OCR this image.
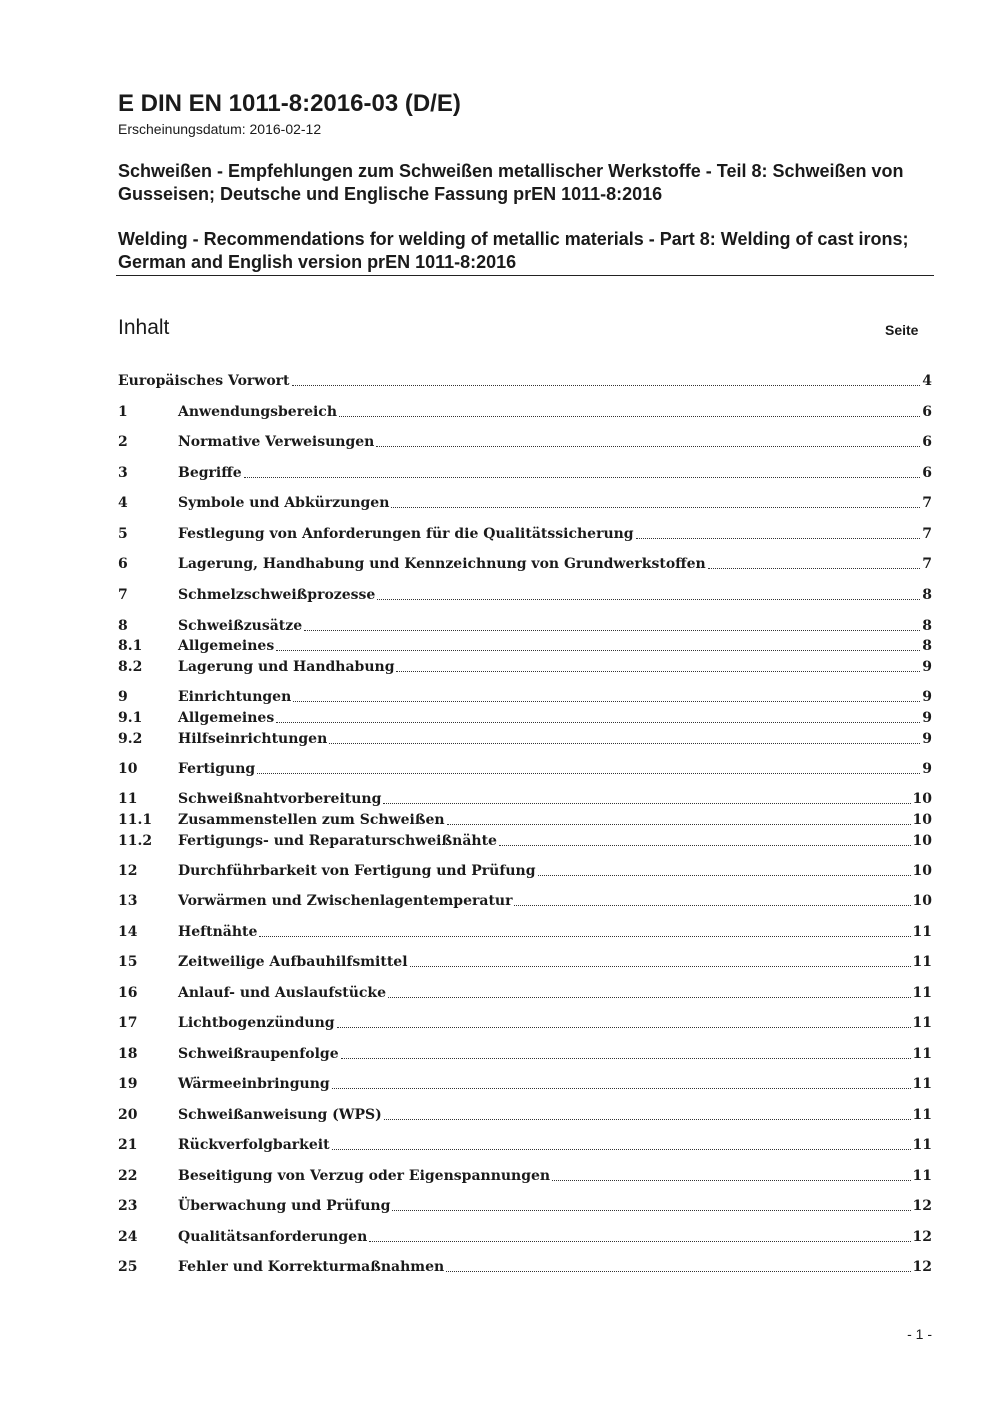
E DIN EN 1011-8:2016-03 (D/E)
Erscheinungsdatum: 2016-02-12
Schweißen - Empfehlungen zum Schweißen metallischer Werkstoffe - Teil 8: Schweißen von Gusseisen; Deutsche und Englische Fassung prEN 1011-8:2016
Welding - Recommendations for welding of metallic materials - Part 8: Welding of cast irons; German and English version prEN 1011-8:2016
Inhalt	Seite
Europäisches Vorwort	4
1	Anwendungsbereich	6
2	Normative Verweisungen	6
3	Begriffe	6
4	Symbole und Abkürzungen	7
5	Festlegung von Anforderungen für die Qualitätssicherung	7
6	Lagerung, Handhabung und Kennzeichnung von Grundwerkstoffen	7
7	Schmelzschweißprozesse	8
8	Schweißzusätze	8
8.1	Allgemeines	8
8.2	Lagerung und Handhabung	9
9	Einrichtungen	9
9.1	Allgemeines	9
9.2	Hilfseinrichtungen	9
10	Fertigung	9
11	Schweißnahtvorbereitung	10
11.1	Zusammenstellen zum Schweißen	10
11.2	Fertigungs- und Reparaturschweißnähte	10
12	Durchführbarkeit von Fertigung und Prüfung	10
13	Vorwärmen und Zwischenlagentemperatur	10
14	Heftnähte	11
15	Zeitweilige Aufbauhilfsmittel	11
16	Anlauf- und Auslaufstücke	11
17	Lichtbogenzündung	11
18	Schweißraupenfolge	11
19	Wärmeeinbringung	11
20	Schweißanweisung (WPS)	11
21	Rückverfolgbarkeit	11
22	Beseitigung von Verzug oder Eigenspannungen	11
23	Überwachung und Prüfung	12
24	Qualitätsanforderungen	12
25	Fehler und Korrekturmaßnahmen	12
- 1 -
